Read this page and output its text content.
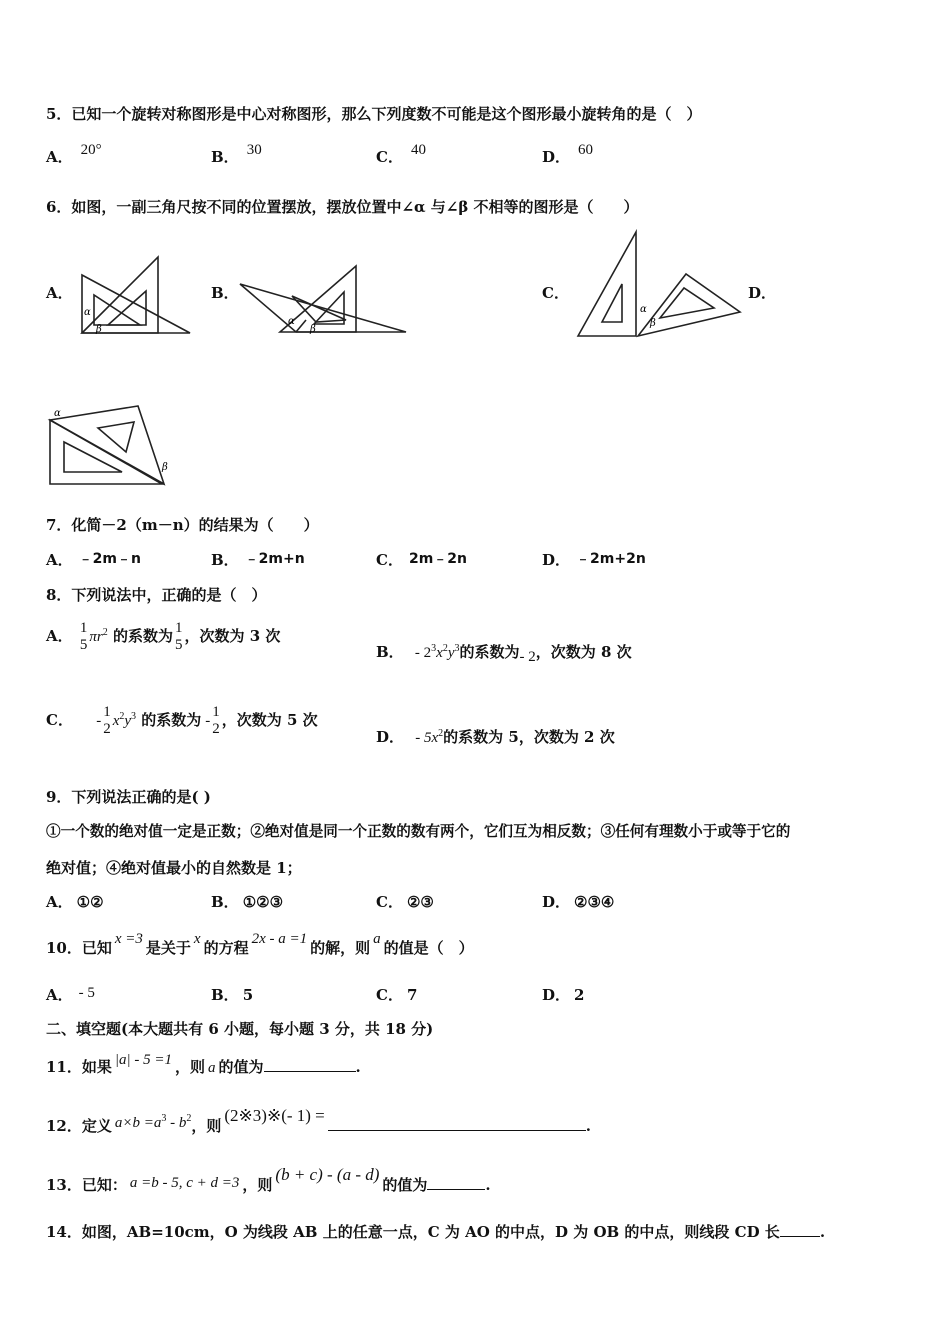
5．已知一个旋转对称图形是中心对称图形，那么下列度数不可能是这个图形最小旋转角的是（　）
A． 20°	B． 30	C． 40	D． 60
6．如图，一副三角尺按不同的位置摆放，摆放位置中∠α 与∠β 不相等的图形是（　　）
A．	B．	C．	D．
α
β
α
β
α
β
α
β
7．化简－2（m－n）的结果为（　　）
A． ﹣2m﹣n	B． ﹣2m+n	C． 2m﹣2n	D． ﹣2m+2n
8．下列说法中，正确的是（　）
A． 1
5 $\pi r^2$ 的系数为 1
5 ，次数为 3 次
B． - $2^3x^2y^3$的系数为- 2，次数为 8 次
C． -
1
2 $x^2y^3$ 的系数为 -
1
2 ，次数为 5 次
D． - $5x^2$的系数为 5，次数为 2 次
9．下列说法正确的是( )
①一个数的绝对值一定是正数；②绝对值是同一个正数的数有两个，它们互为相反数；③任何有理数小于或等于它的
绝对值；④绝对值最小的自然数是 1；
A． ①②	B． ①②③	C． ②③	D． ②③④
10．已知 x =3 是关于 x 的方程 2x - a =1 的解，则 a 的值是（　）
A． - 5	B． 5	C． 7	D． 2
二、填空题(本大题共有 6 小题，每小题 3 分，共 18 分)
11．如果 |a| - 5 =1 ，则 a 的值为	.
12．定义 $a\times b =a^3 - b^2$，则(2※3)※(- 1) =.
13．已知： a =b - 5, c + d =3 ，则(b + c) - (a - d)的值为	.
14．如图，AB=10cm，O 为线段 AB 上的任意一点，C 为 AO 的中点，D 为 OB 的中点，则线段 CD 长	.
